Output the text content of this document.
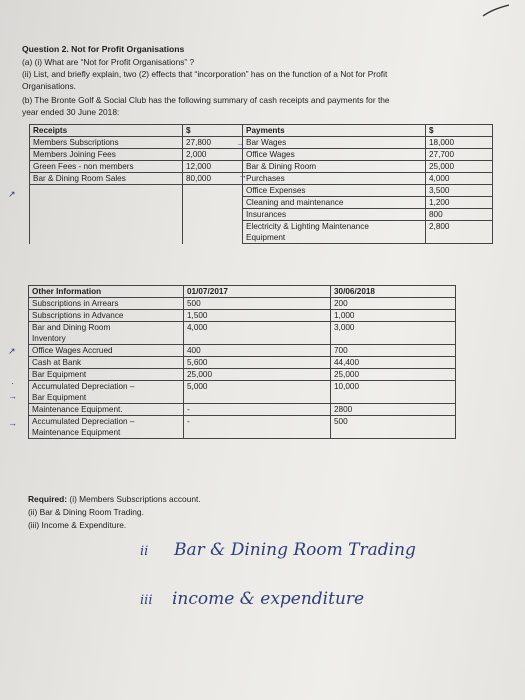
Question 2. Not for Profit Organisations
(a) (i) What are “Not for Profit Organisations” ?
(ii) List, and briefly explain, two (2) effects that “incorporation” has on the function of a Not for Profit
Organisations.
(b) The Bronte Golf & Social Club has the following summary of cash receipts and payments for the
year ended 30 June 2018:
Receipts	$	Payments	$
Members Subscriptions	27,800	Bar Wages	18,000
Members Joining Fees	2,000	Office Wages	27,700
Green Fees - non members	12,000	Bar & Dining Room	25,000
Bar & Dining Room Sales	80,000	Purchases	4,000
		Office Expenses	3,500
		Cleaning and maintenance	1,200
		Insurances	800
		Electricity & Lighting Maintenance	2,800
		Equipment	
→
→
↗
Other Information	01/07/2017	30/06/2018
Subscriptions in Arrears	500	200
Subscriptions in Advance	1,500	1,000
Bar and Dining Room	4,000	3,000
Inventory		
Office Wages Accrued	400	700
Cash at Bank	5,600	44,400
Bar Equipment	25,000	25,000
Accumulated Depreciation –	5,000	10,000
Bar Equipment		
Maintenance Equipment.	-	2800
Accumulated Depreciation –	-	500
Maintenance Equipment		
↗
·
→
→
Required: (i) Members Subscriptions account.
(ii) Bar & Dining Room Trading.
(iii) Income & Expenditure.
ii Bar & Dining Room Trading
iii income & expenditure
